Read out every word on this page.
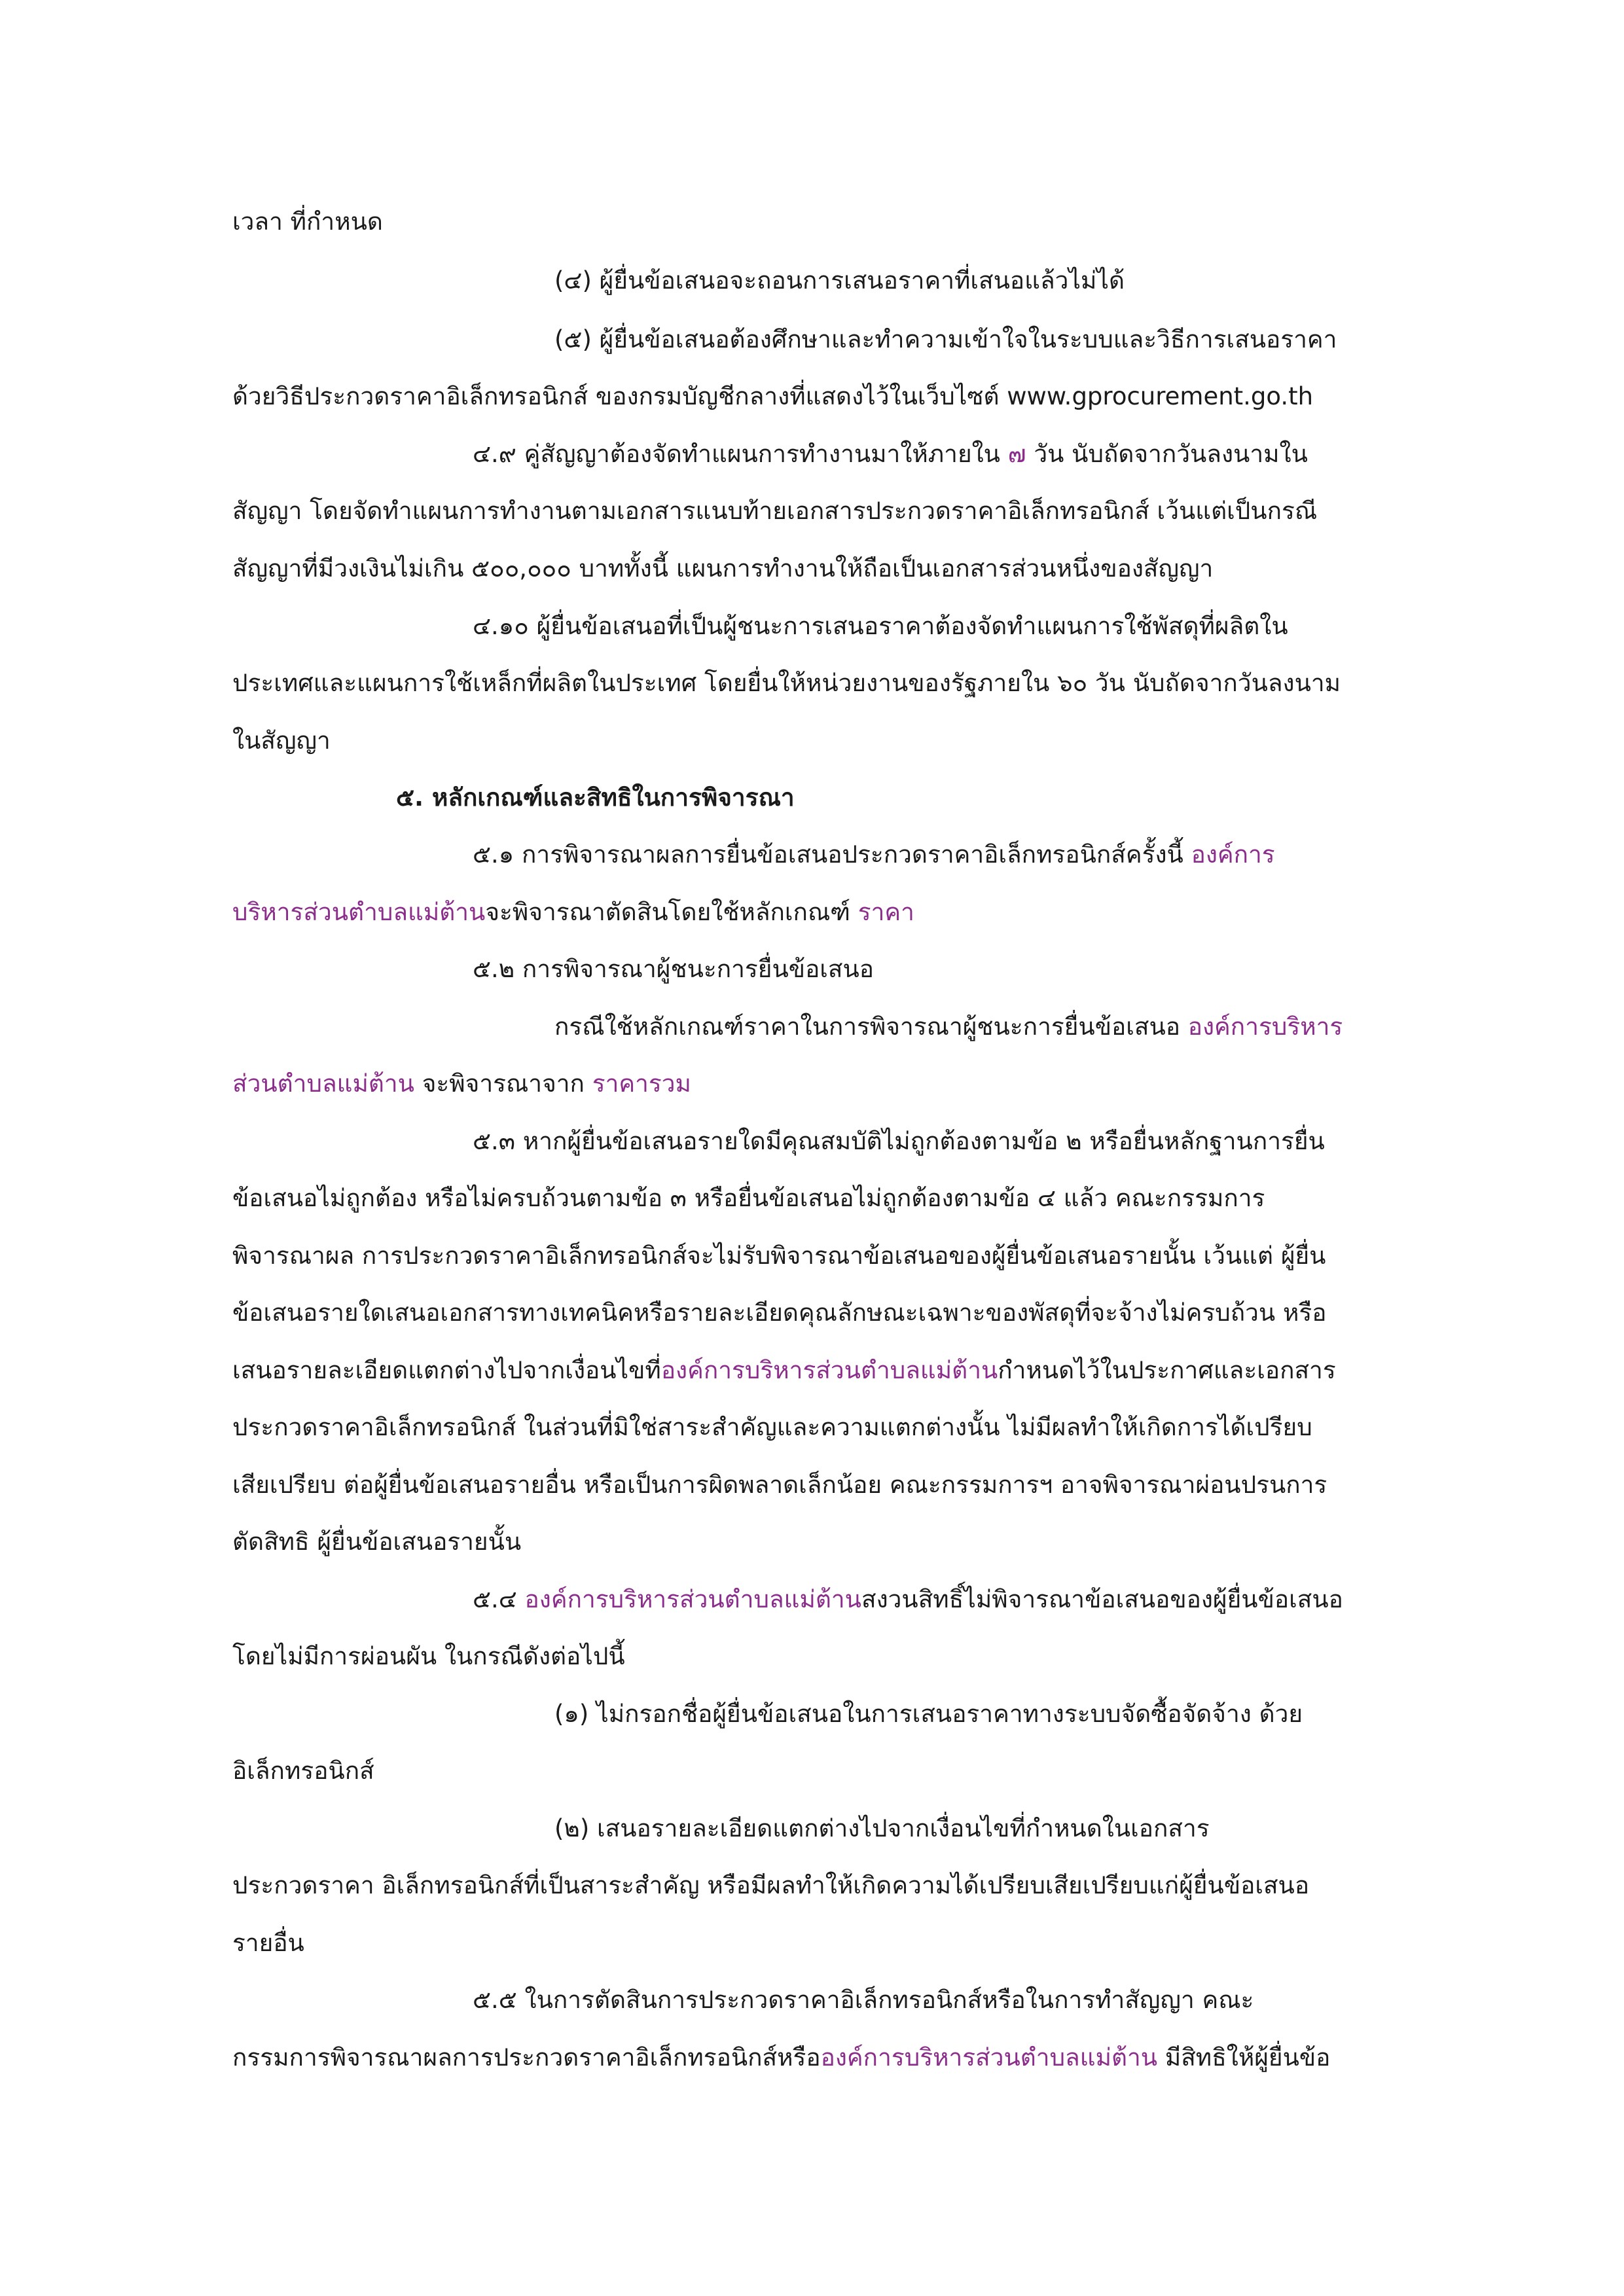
เวลา ที่กำหนด
(๔) ผู้ยื่นข้อเสนอจะถอนการเสนอราคาที่เสนอแล้วไม่ได้
(๕) ผู้ยื่นข้อเสนอต้องศึกษาและทำความเข้าใจในระบบและวิธีการเสนอราคา
ด้วยวิธีประกวดราคาอิเล็กทรอนิกส์ ของกรมบัญชีกลางที่แสดงไว้ในเว็บไซต์ www.gprocurement.go.th
๔.๙ คู่สัญญาต้องจัดทำแผนการทำงานมาให้ภายใน ๗ วัน นับถัดจากวันลงนามใน
สัญญา โดยจัดทำแผนการทำงานตามเอกสารแนบท้ายเอกสารประกวดราคาอิเล็กทรอนิกส์ เว้นแต่เป็นกรณี
สัญญาที่มีวงเงินไม่เกิน ๕๐๐,๐๐๐ บาททั้งนี้ แผนการทำงานให้ถือเป็นเอกสารส่วนหนึ่งของสัญญา
๔.๑๐ ผู้ยื่นข้อเสนอที่เป็นผู้ชนะการเสนอราคาต้องจัดทำแผนการใช้พัสดุที่ผลิตใน
ประเทศและแผนการใช้เหล็กที่ผลิตในประเทศ โดยยื่นให้หน่วยงานของรัฐภายใน ๖๐ วัน นับถัดจากวันลงนาม
ในสัญญา
๕. หลักเกณฑ์และสิทธิในการพิจารณา
๕.๑ การพิจารณาผลการยื่นข้อเสนอประกวดราคาอิเล็กทรอนิกส์ครั้งนี้ องค์การ
บริหารส่วนตำบลแม่ต้านจะพิจารณาตัดสินโดยใช้หลักเกณฑ์ ราคา
๕.๒ การพิจารณาผู้ชนะการยื่นข้อเสนอ
กรณีใช้หลักเกณฑ์ราคาในการพิจารณาผู้ชนะการยื่นข้อเสนอ องค์การบริหาร
ส่วนตำบลแม่ต้าน จะพิจารณาจาก ราคารวม
๕.๓ หากผู้ยื่นข้อเสนอรายใดมีคุณสมบัติไม่ถูกต้องตามข้อ ๒ หรือยื่นหลักฐานการยื่น
ข้อเสนอไม่ถูกต้อง หรือไม่ครบถ้วนตามข้อ ๓ หรือยื่นข้อเสนอไม่ถูกต้องตามข้อ ๔ แล้ว คณะกรรมการ
พิจารณาผล การประกวดราคาอิเล็กทรอนิกส์จะไม่รับพิจารณาข้อเสนอของผู้ยื่นข้อเสนอรายนั้น เว้นแต่ ผู้ยื่น
ข้อเสนอรายใดเสนอเอกสารทางเทคนิคหรือรายละเอียดคุณลักษณะเฉพาะของพัสดุที่จะจ้างไม่ครบถ้วน หรือ
เสนอรายละเอียดแตกต่างไปจากเงื่อนไขที่องค์การบริหารส่วนตำบลแม่ต้านกำหนดไว้ในประกาศและเอกสาร
ประกวดราคาอิเล็กทรอนิกส์ ในส่วนที่มิใช่สาระสำคัญและความแตกต่างนั้น ไม่มีผลทำให้เกิดการได้เปรียบ
เสียเปรียบ ต่อผู้ยื่นข้อเสนอรายอื่น หรือเป็นการผิดพลาดเล็กน้อย คณะกรรมการฯ อาจพิจารณาผ่อนปรนการ
ตัดสิทธิ ผู้ยื่นข้อเสนอรายนั้น
๕.๔ องค์การบริหารส่วนตำบลแม่ต้านสงวนสิทธิ์ไม่พิจารณาข้อเสนอของผู้ยื่นข้อเสนอ
โดยไม่มีการผ่อนผัน ในกรณีดังต่อไปนี้
(๑) ไม่กรอกชื่อผู้ยื่นข้อเสนอในการเสนอราคาทางระบบจัดซื้อจัดจ้าง ด้วย
อิเล็กทรอนิกส์
(๒) เสนอรายละเอียดแตกต่างไปจากเงื่อนไขที่กำหนดในเอกสาร
ประกวดราคา อิเล็กทรอนิกส์ที่เป็นสาระสำคัญ หรือมีผลทำให้เกิดความได้เปรียบเสียเปรียบแก่ผู้ยื่นข้อเสนอ
รายอื่น
๕.๕ ในการตัดสินการประกวดราคาอิเล็กทรอนิกส์หรือในการทำสัญญา คณะ
กรรมการพิจารณาผลการประกวดราคาอิเล็กทรอนิกส์หรือองค์การบริหารส่วนตำบลแม่ต้าน มีสิทธิให้ผู้ยื่นข้อ
